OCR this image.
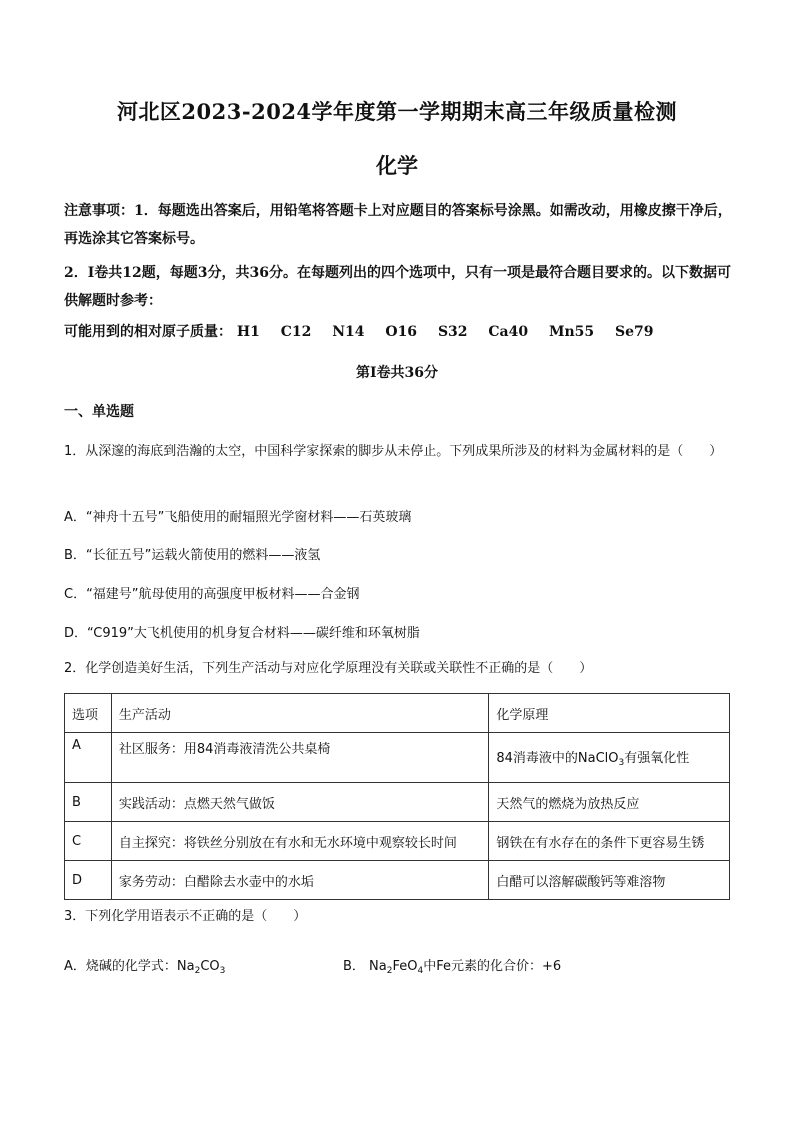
河北区2023-2024学年度第一学期期末高三年级质量检测
化学
注意事项：1．每题选出答案后，用铅笔将答题卡上对应题目的答案标号涂黑。如需改动，用橡皮擦干净后，再选涂其它答案标号。
2．Ⅰ卷共12题，每题3分，共36分。在每题列出的四个选项中，只有一项是最符合题目要求的。以下数据可供解题时参考：
可能用到的相对原子质量： H1 C12 N14 O16 S32 Ca40 Mn55 Se79
第Ⅰ卷共36分
一、单选题
1．从深邃的海底到浩瀚的太空，中国科学家探索的脚步从未停止。下列成果所涉及的材料为金属材料的是（　　）
A．“神舟十五号”飞船使用的耐辐照光学窗材料——石英玻璃
B．“长征五号”运载火箭使用的燃料——液氢
C．“福建号”航母使用的高强度甲板材料——合金钢
D．“C919”大飞机使用的机身复合材料——碳纤维和环氧树脂
2．化学创造美好生活，下列生产活动与对应化学原理没有关联或关联性不正确的是（　　）
选项	生产活动	化学原理
A	社区服务：用84消毒液清洗公共桌椅	84消毒液中的NaClO$_3$有强氧化性
B	实践活动：点燃天然气做饭	天然气的燃烧为放热反应
C	自主探究：将铁丝分别放在有水和无水环境中观察较长时间	钢铁在有水存在的条件下更容易生锈
D	家务劳动：白醋除去水壶中的水垢	白醋可以溶解碳酸钙等难溶物
3．下列化学用语表示不正确的是（　　）
A．烧碱的化学式：$Na_2CO_3$	B． $Na_2FeO_4$中Fe元素的化合价：+6
